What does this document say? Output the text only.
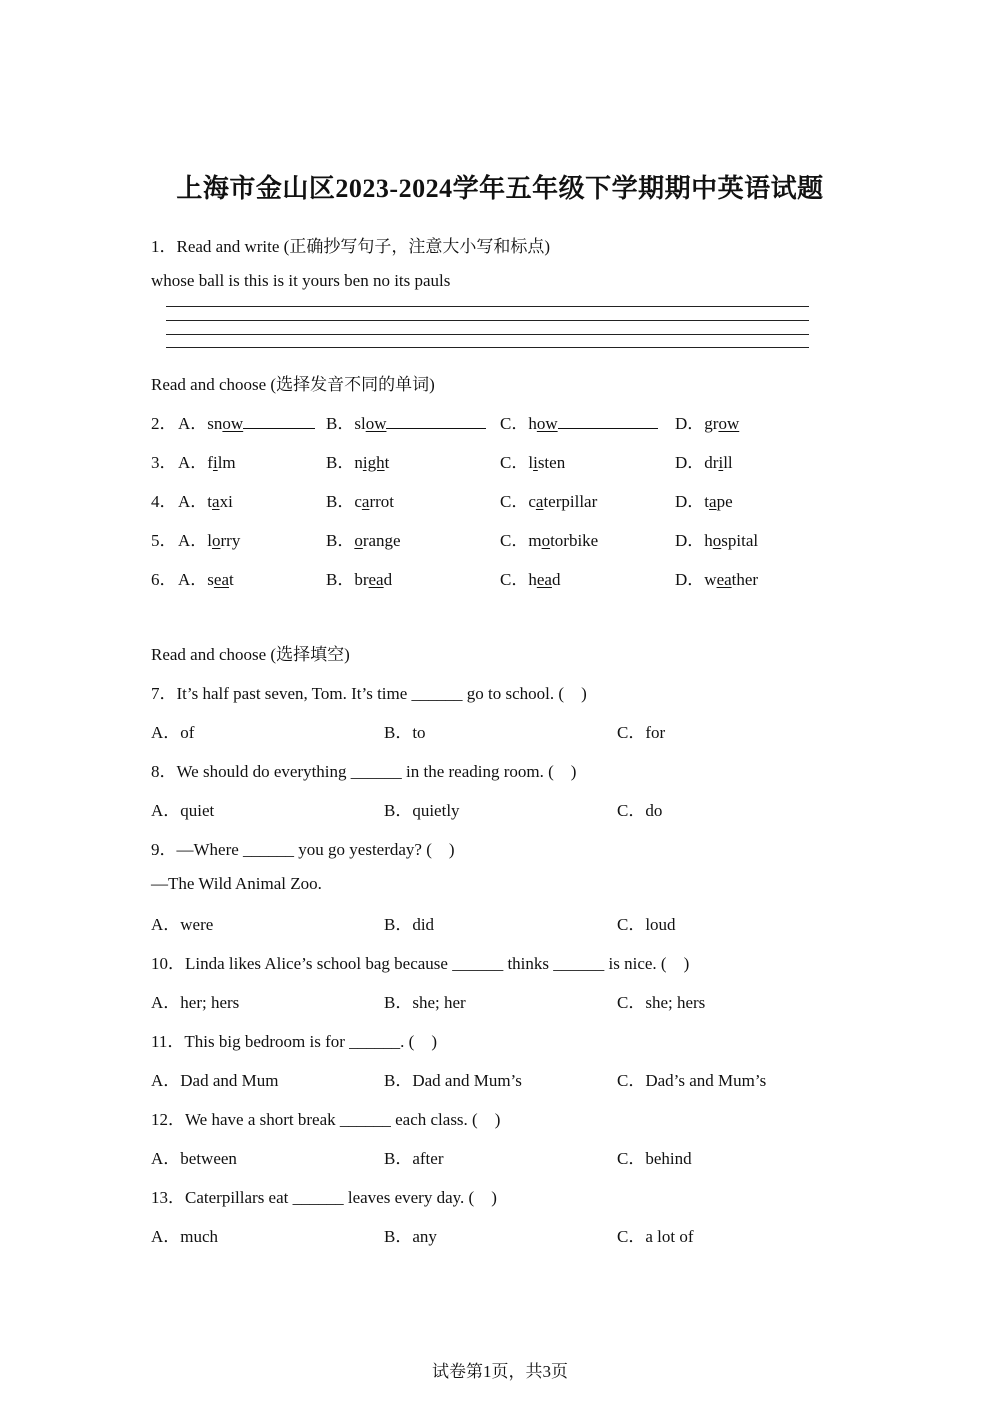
上海市金山区2023-2024学年五年级下学期期中英语试题
1．Read and write (正确抄写句子，注意大小写和标点)
whose ball is this is it yours ben no its pauls
Read and choose (选择发音不同的单词)
2． A．snow	B．slow	C．how	D．grow
3． A．film	B．night	C．listen	D．drill
4． A．taxi	B．carrot	C．caterpillar	D．tape
5． A．lorry	B．orange	C．motorbike	D．hospital
6． A．seat	B．bread	C．head	D．weather
Read and choose (选择填空)
7．It’s half past seven, Tom. It’s time ______ go to school. (    )
A．of	B．to	C．for
8．We should do everything ______ in the reading room. (    )
A．quiet	B．quietly	C．do
9．—Where ______ you go yesterday? (    )
—The Wild Animal Zoo.
A．were	B．did	C．loud
10．Linda likes Alice’s school bag because ______ thinks ______ is nice. (    )
A．her; hers	B．she; her	C．she; hers
11．This big bedroom is for ______. (    )
A．Dad and Mum	B．Dad and Mum’s	C．Dad’s and Mum’s
12．We have a short break ______ each class. (    )
A．between	B．after	C．behind
13．Caterpillars eat ______ leaves every day. (    )
A．much	B．any	C．a lot of
试卷第1页，共3页
